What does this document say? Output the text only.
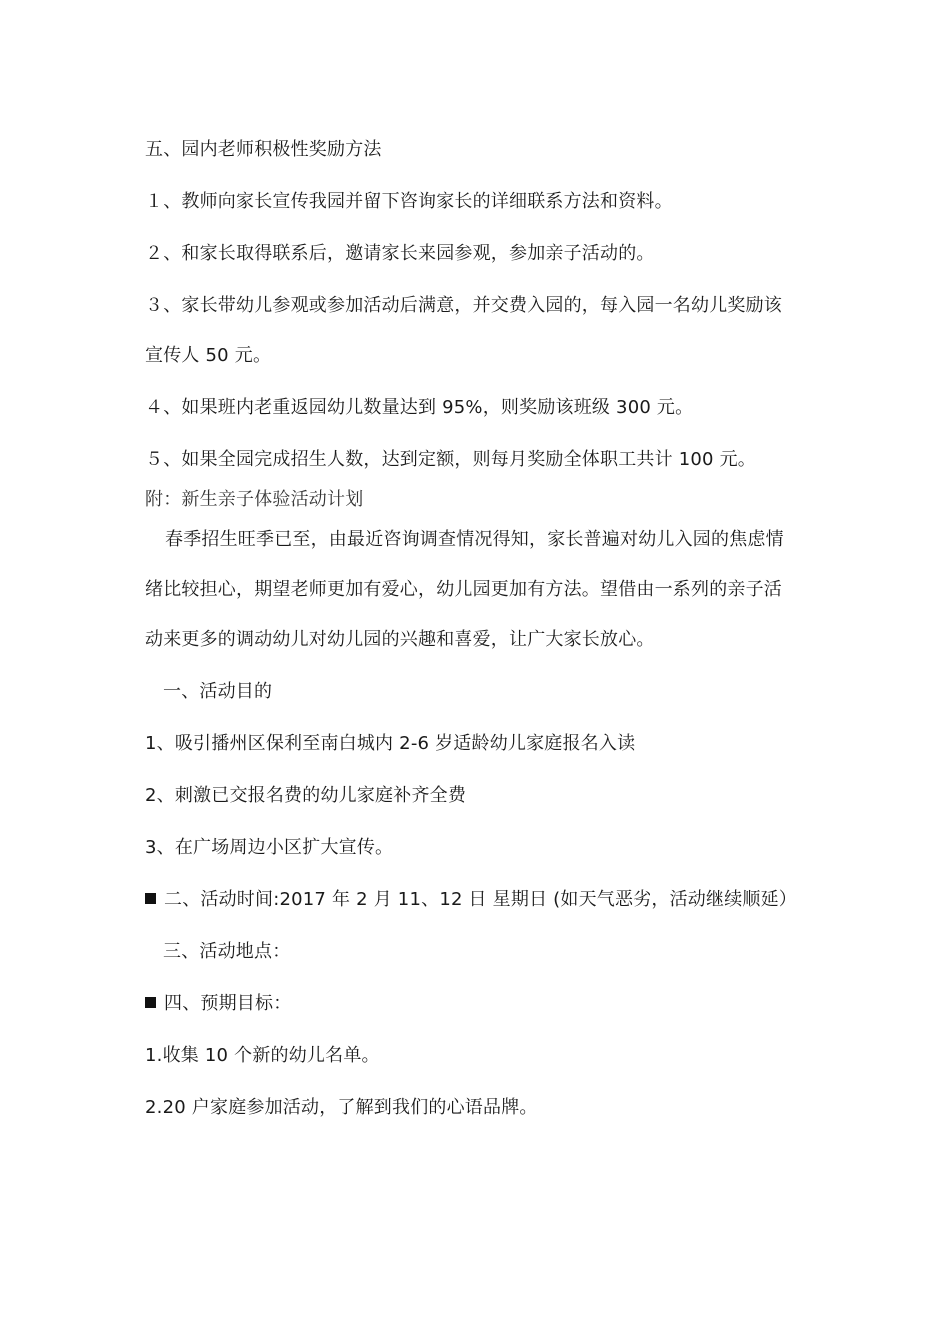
五、园内老师积极性奖励方法
１、教师向家长宣传我园并留下咨询家长的详细联系方法和资料。
２、和家长取得联系后，邀请家长来园参观，参加亲子活动的。
３、家长带幼儿参观或参加活动后满意，并交费入园的，每入园一名幼儿奖励该
宣传人 50 元。
４、如果班内老重返园幼儿数量达到 95%，则奖励该班级 300 元。
５、如果全园完成招生人数，达到定额，则每月奖励全体职工共计 100 元。
附：新生亲子体验活动计划
春季招生旺季已至，由最近咨询调查情况得知，家长普遍对幼儿入园的焦虑情
绪比较担心，期望老师更加有爱心，幼儿园更加有方法。望借由一系列的亲子活
动来更多的调动幼儿对幼儿园的兴趣和喜爱，让广大家长放心。
一、活动目的
1、吸引播州区保利至南白城内 2-6 岁适龄幼儿家庭报名入读
2、刺激已交报名费的幼儿家庭补齐全费
3、在广场周边小区扩大宣传。
二、活动时间:2017 年 2 月 11、12 日 星期日 (如天气恶劣，活动继续顺延）
三、活动地点：
四、预期目标：
1.收集 10 个新的幼儿名单。
2.20 户家庭参加活动，了解到我们的心语品牌。
